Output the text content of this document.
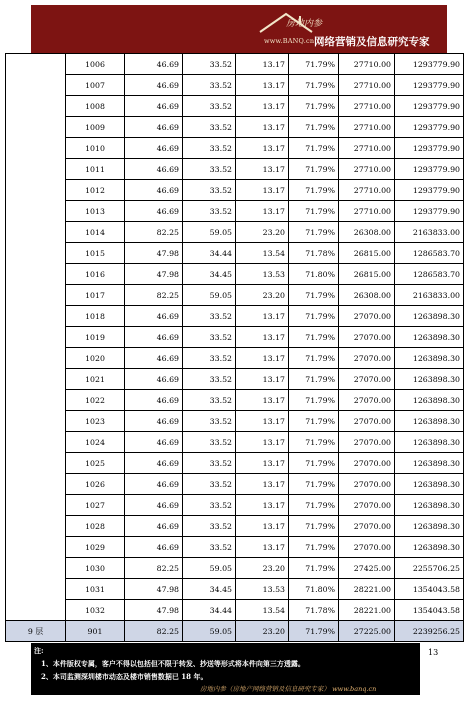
房地内参
www.BANQ.cn 网络营销及信息研究专家
	1006	46.69	33.52	13.17	71.79%	27710.00	1293779.90
	1007	46.69	33.52	13.17	71.79%	27710.00	1293779.90
	1008	46.69	33.52	13.17	71.79%	27710.00	1293779.90
	1009	46.69	33.52	13.17	71.79%	27710.00	1293779.90
	1010	46.69	33.52	13.17	71.79%	27710.00	1293779.90
	1011	46.69	33.52	13.17	71.79%	27710.00	1293779.90
	1012	46.69	33.52	13.17	71.79%	27710.00	1293779.90
	1013	46.69	33.52	13.17	71.79%	27710.00	1293779.90
	1014	82.25	59.05	23.20	71.79%	26308.00	2163833.00
	1015	47.98	34.44	13.54	71.78%	26815.00	1286583.70
	1016	47.98	34.45	13.53	71.80%	26815.00	1286583.70
	1017	82.25	59.05	23.20	71.79%	26308.00	2163833.00
	1018	46.69	33.52	13.17	71.79%	27070.00	1263898.30
	1019	46.69	33.52	13.17	71.79%	27070.00	1263898.30
	1020	46.69	33.52	13.17	71.79%	27070.00	1263898.30
	1021	46.69	33.52	13.17	71.79%	27070.00	1263898.30
	1022	46.69	33.52	13.17	71.79%	27070.00	1263898.30
	1023	46.69	33.52	13.17	71.79%	27070.00	1263898.30
	1024	46.69	33.52	13.17	71.79%	27070.00	1263898.30
	1025	46.69	33.52	13.17	71.79%	27070.00	1263898.30
	1026	46.69	33.52	13.17	71.79%	27070.00	1263898.30
	1027	46.69	33.52	13.17	71.79%	27070.00	1263898.30
	1028	46.69	33.52	13.17	71.79%	27070.00	1263898.30
	1029	46.69	33.52	13.17	71.79%	27070.00	1263898.30
	1030	82.25	59.05	23.20	71.79%	27425.00	2255706.25
	1031	47.98	34.45	13.53	71.80%	28221.00	1354043.58
	1032	47.98	34.44	13.54	71.78%	28221.00	1354043.58
9 层	901	82.25	59.05	23.20	71.79%	27225.00	2239256.25
注:
1、本件版权专属，客户不得以包括但不限于转发、抄送等形式将本件向第三方透露。
2、本司监测深圳楼市动态及楼市销售数据已 18 年。
房地内参（房地产网络营销及信息研究专家） www.banq.cn
13
